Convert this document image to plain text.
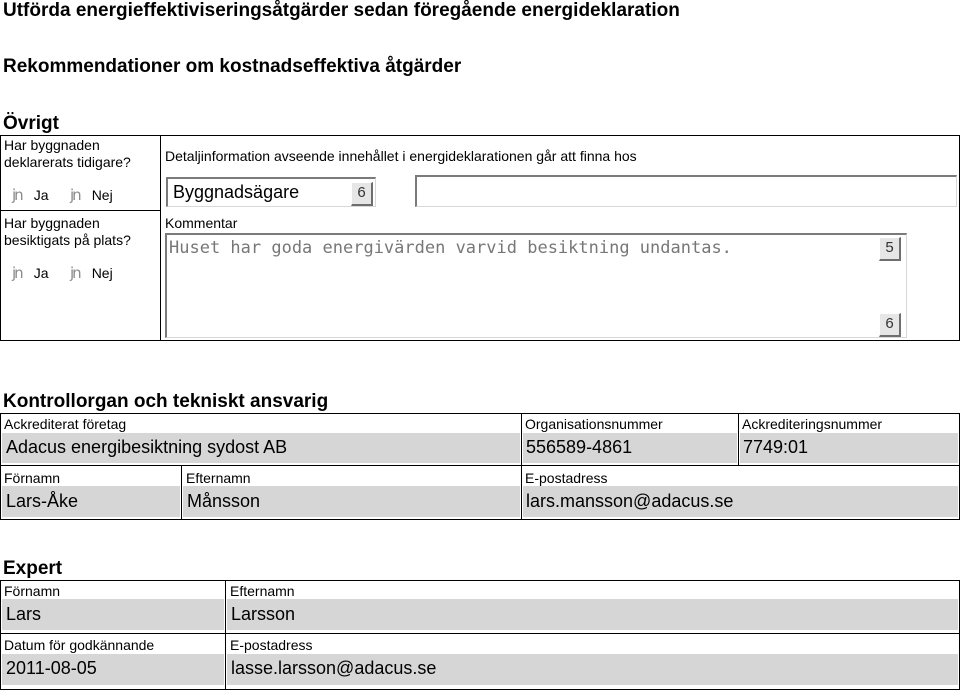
Utförda energieffektiviseringsåtgärder sedan föregående energideklaration
Rekommendationer om kostnadseffektiva åtgärder
Övrigt
Har byggnaden deklarerats tidigare?
jn Ja jn Nej
Har byggnaden besiktigats på plats?
jn Ja jn Nej
Detaljinformation avseende innehållet i energideklarationen går att finna hos
Byggnadsägare	6
Kommentar
Huset har goda energivärden varvid besiktning undantas.	5
6
Kontrollorgan och tekniskt ansvarig
Ackrediterat företag
Adacus energibesiktning sydost AB
Organisationsnummer
556589-4861
Ackrediteringsnummer
7749:01
Förnamn
Lars-Åke
Efternamn
Månsson
E-postadress
lars.mansson@adacus.se
Expert
Förnamn
Lars
Efternamn
Larsson
Datum för godkännande
2011-08-05
E-postadress
lasse.larsson@adacus.se
